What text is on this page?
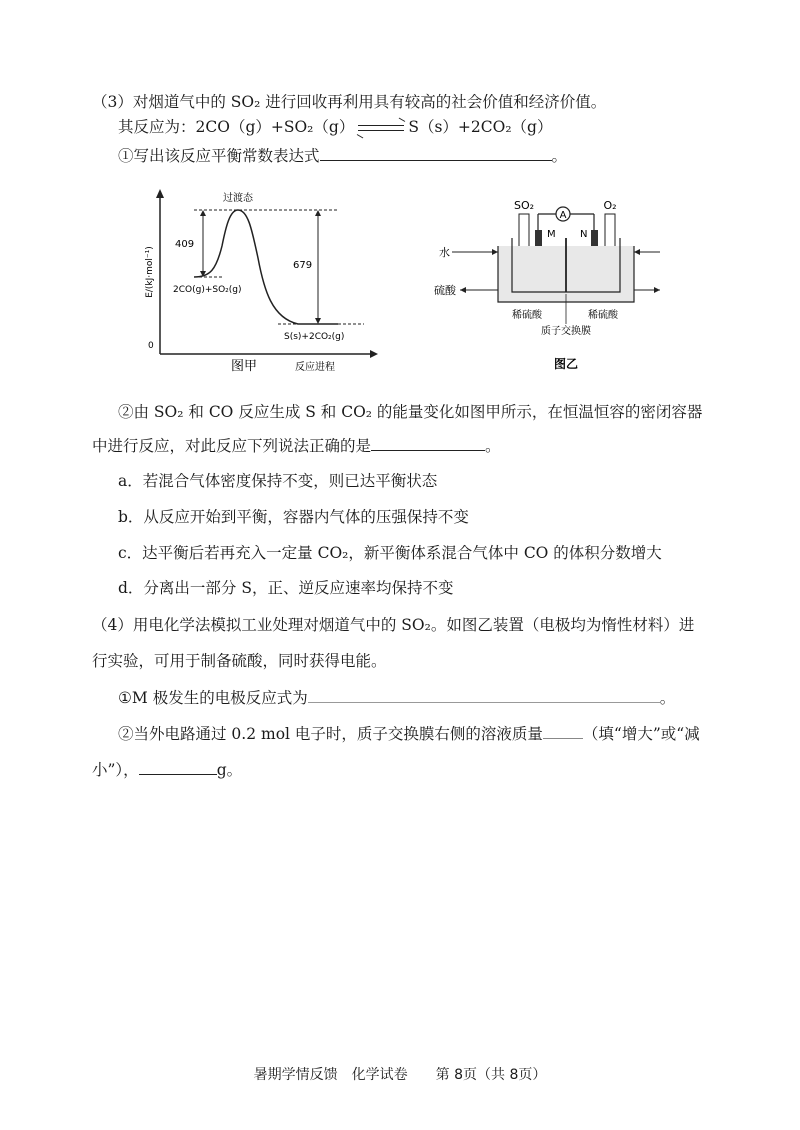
（3）对烟道气中的 SO₂ 进行回收再利用具有较高的社会价值和经济价值。
其反应为：2CO（g）+SO₂（g）	S（s）+2CO₂（g）
①写出该反应平衡常数表达式	。
0
E/(kJ·mol⁻¹)
409
679
过渡态
2CO(g)+SO₂(g)
S(s)+2CO₂(g)
图甲	反应进程
SO₂	O₂
A
M N
水
硫酸
稀硫酸	稀硫酸
质子交换膜
图乙
②由 SO₂ 和 CO 反应生成 S 和 CO₂ 的能量变化如图甲所示，在恒温恒容的密闭容器
中进行反应，对此反应下列说法正确的是	。
a．若混合气体密度保持不变，则已达平衡状态
b．从反应开始到平衡，容器内气体的压强保持不变
c．达平衡后若再充入一定量 CO₂，新平衡体系混合气体中 CO 的体积分数增大
d．分离出一部分 S，正、逆反应速率均保持不变
（4）用电化学法模拟工业处理对烟道气中的 SO₂。如图乙装置（电极均为惰性材料）进
行实验，可用于制备硫酸，同时获得电能。
①M 极发生的电极反应式为	。
②当外电路通过 0.2 mol 电子时，质子交换膜右侧的溶液质量	（填“增大”或“减
小”），	g。
暑期学情反馈　化学试卷　　第 8页（共 8页）
